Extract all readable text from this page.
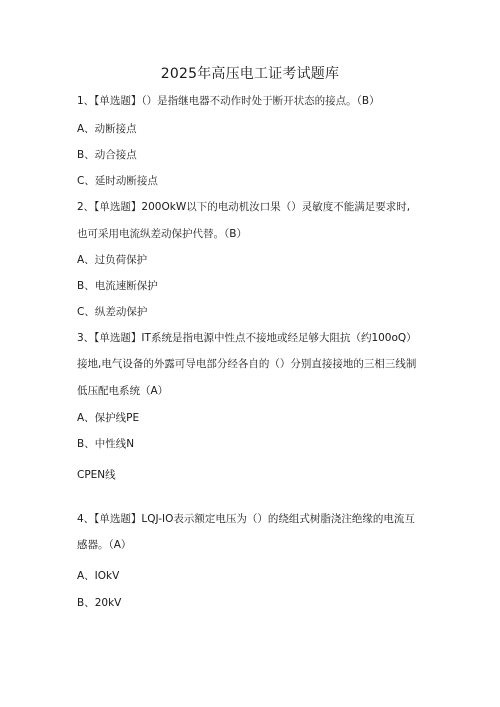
2025年高压电工证考试题库
1、【单选题】（）是指继电器不动作时处于断开状态的接点。（B）
A、动断接点
B、动合接点
C、延时动断接点
2、【单选题】200OkW以下的电动机汝口果（）灵敏度不能满足要求时,
也可采用电流纵差动保护代替。（B）
A、过负荷保护
B、电流速断保护
C、纵差动保护
3、【单选题】IT系统是指电源中性点不接地或经足够大阻抗（约100oQ）
接地,电气设备的外露可导电部分经各自的（）分别直接接地的三相三线制
低压配电系统（A）
A、保护线PE
B、中性线N
CPEN线
4、【单选题】LQJ-IO表示额定电压为（）的绕组式树脂浇注绝缘的电流互
感器。（A）
A、IOkV
B、20kV
